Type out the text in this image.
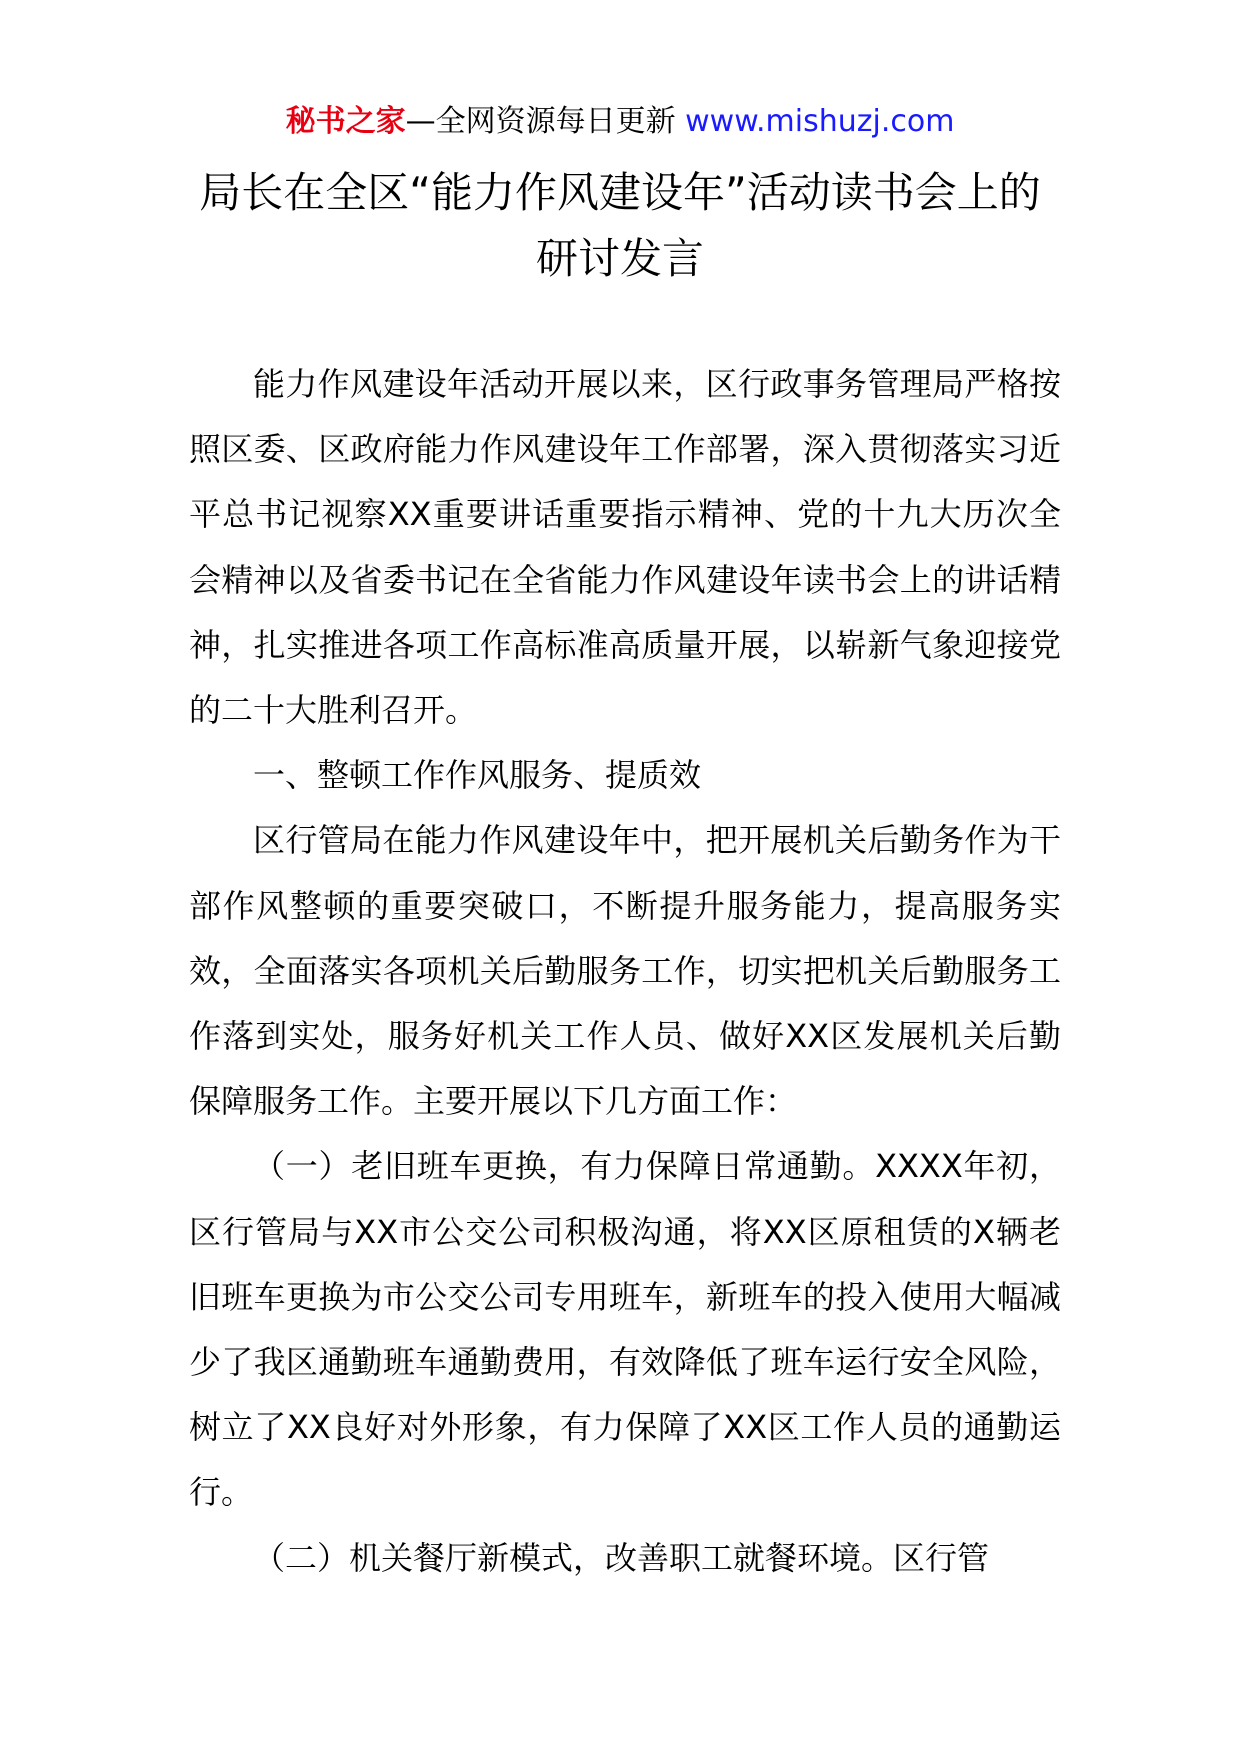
秘书之家—全网资源每日更新 www.mishuzj.com
局长在全区“能力作风建设年”活动读书会上的研讨发言

能力作风建设年活动开展以来，区行政事务管理局严格按照区委、区政府能力作风建设年工作部署，深入贯彻落实习近平总书记视察XX重要讲话重要指示精神、党的十九大历次全会精神以及省委书记在全省能力作风建设年读书会上的讲话精神，扎实推进各项工作高标准高质量开展，以崭新气象迎接党的二十大胜利召开。

一、整顿工作作风服务、提质效

区行管局在能力作风建设年中，把开展机关后勤务作为干部作风整顿的重要突破口，不断提升服务能力，提高服务实效，全面落实各项机关后勤服务工作，切实把机关后勤服务工作落到实处，服务好机关工作人员、做好XX区发展机关后勤保障服务工作。主要开展以下几方面工作：

（一）老旧班车更换，有力保障日常通勤。XXXX年初，区行管局与XX市公交公司积极沟通，将XX区原租赁的X辆老旧班车更换为市公交公司专用班车，新班车的投入使用大幅减少了我区通勤班车通勤费用，有效降低了班车运行安全风险，树立了XX良好对外形象，有力保障了XX区工作人员的通勤运行。

（二）机关餐厅新模式，改善职工就餐环境。区行管
